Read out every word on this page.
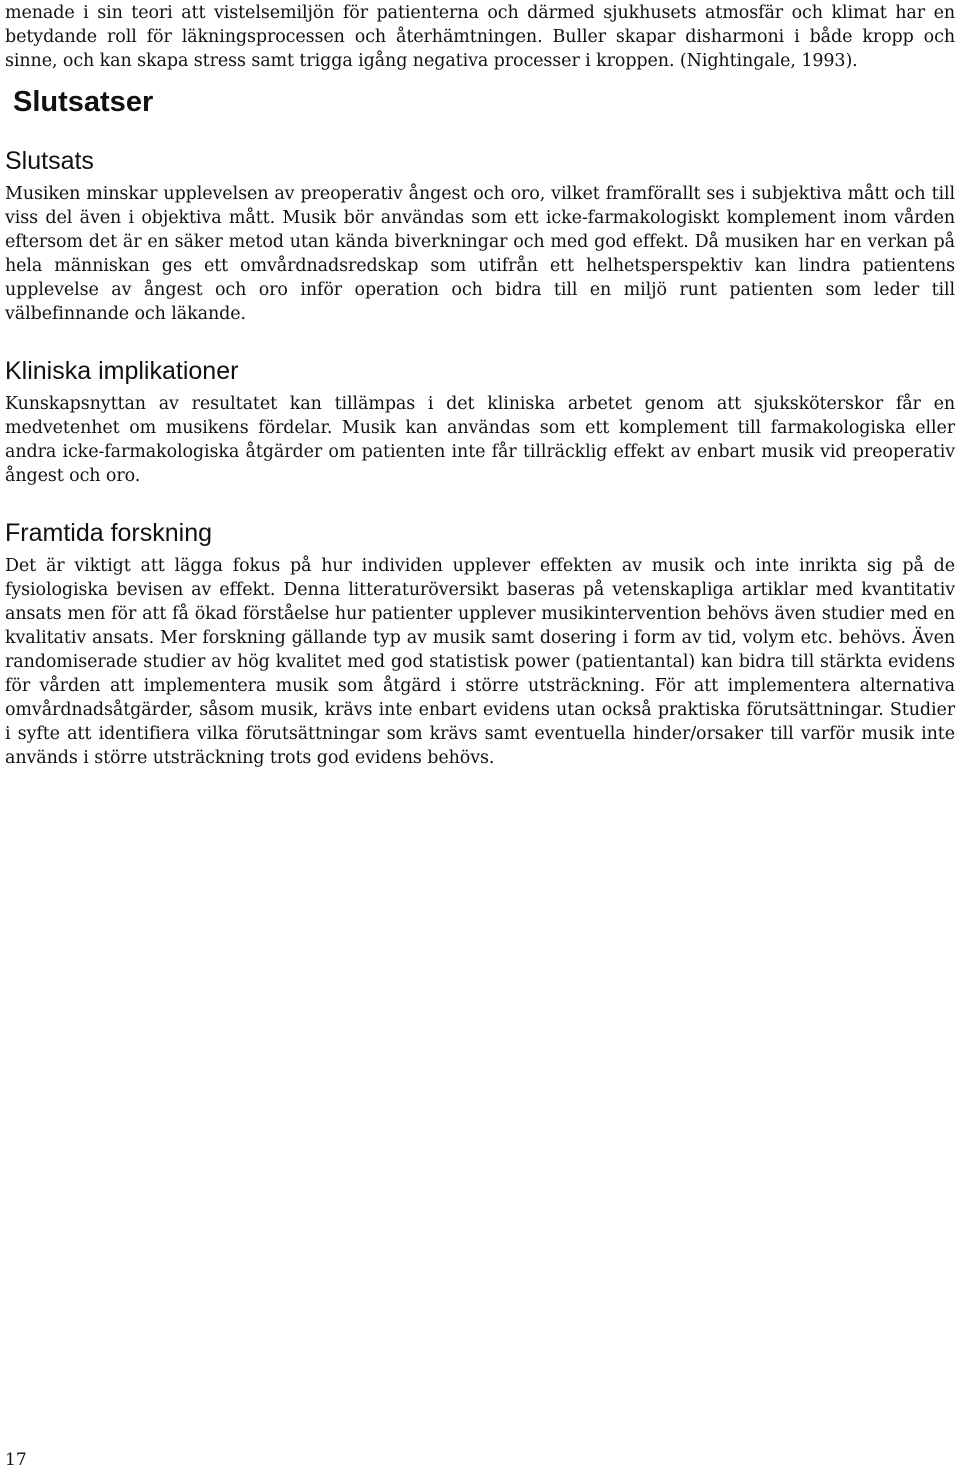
menade i sin teori att vistelsemiljön för patienterna och därmed sjukhusets atmosfär och klimat har en betydande roll för läkningsprocessen och återhämtningen. Buller skapar disharmoni i både kropp och sinne, och kan skapa stress samt trigga igång negativa processer i kroppen. (Nightingale, 1993).

Slutsatser
Slutsats

Musiken minskar upplevelsen av preoperativ ångest och oro, vilket framförallt ses i subjektiva mått och till viss del även i objektiva mått. Musik bör användas som ett icke-farmakologiskt komplement inom vården eftersom det är en säker metod utan kända biverkningar och med god effekt. Då musiken har en verkan på hela människan ges ett omvårdnadsredskap som utifrån ett helhetsperspektiv kan lindra patientens upplevelse av ångest och oro inför operation och bidra till en miljö runt patienten som leder till välbefinnande och läkande.

Kliniska implikationer

Kunskapsnyttan av resultatet kan tillämpas i det kliniska arbetet genom att sjuksköterskor får en medvetenhet om musikens fördelar. Musik kan användas som ett komplement till farmakologiska eller andra icke-farmakologiska åtgärder om patienten inte får tillräcklig effekt av enbart musik vid preoperativ ångest och oro.

Framtida forskning

Det är viktigt att lägga fokus på hur individen upplever effekten av musik och inte inrikta sig på de fysiologiska bevisen av effekt. Denna litteraturöversikt baseras på vetenskapliga artiklar med kvantitativ ansats men för att få ökad förståelse hur patienter upplever musikintervention behövs även studier med en kvalitativ ansats. Mer forskning gällande typ av musik samt dosering i form av tid, volym etc. behövs. Även randomiserade studier av hög kvalitet med god statistisk power (patientantal) kan bidra till stärkta evidens för vården att implementera musik som åtgärd i större utsträckning. För att implementera alternativa omvårdnadsåtgärder, såsom musik, krävs inte enbart evidens utan också praktiska förutsättningar. Studier i syfte att identifiera vilka förutsättningar som krävs samt eventuella hinder/orsaker till varför musik inte används i större utsträckning trots god evidens behövs.

17
